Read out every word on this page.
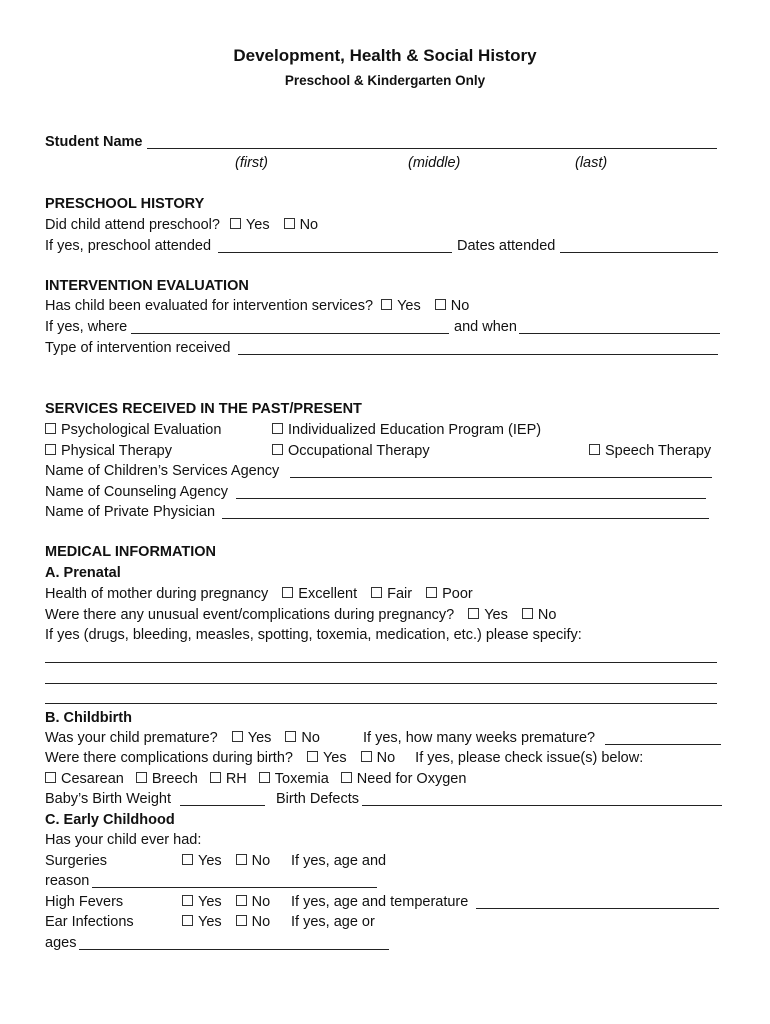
Development, Health & Social History
Preschool & Kindergarten Only
Student Name
(first)	(middle)	(last)
PRESCHOOL HISTORY
Did child attend preschool? Yes No
If yes, preschool attended	Dates attended
INTERVENTION EVALUATION
Has child been evaluated for intervention services? Yes No
If yes, where	and when
Type of intervention received
SERVICES RECEIVED IN THE PAST/PRESENT
Psychological Evaluation	Individualized Education Program (IEP)
Physical Therapy	Occupational Therapy	Speech Therapy
Name of Children’s Services Agency
Name of Counseling Agency
Name of Private Physician
MEDICAL INFORMATION
A. Prenatal
Health of mother during pregnancy Excellent Fair Poor
Were there any unusual event/complications during pregnancy? Yes No
If yes (drugs, bleeding, measles, spotting, toxemia, medication, etc.) please specify:
B. Childbirth
Was your child premature? Yes No	If yes, how many weeks premature?
Were there complications during birth? Yes No If yes, please check issue(s) below:
Cesarean Breech RH Toxemia Need for Oxygen
Baby’s Birth Weight	Birth Defects
C. Early Childhood
Has your child ever had:
Surgeries	Yes No If yes, age and
reason
High Fevers	Yes No If yes, age and temperature
Ear Infections	Yes No If yes, age or
ages
